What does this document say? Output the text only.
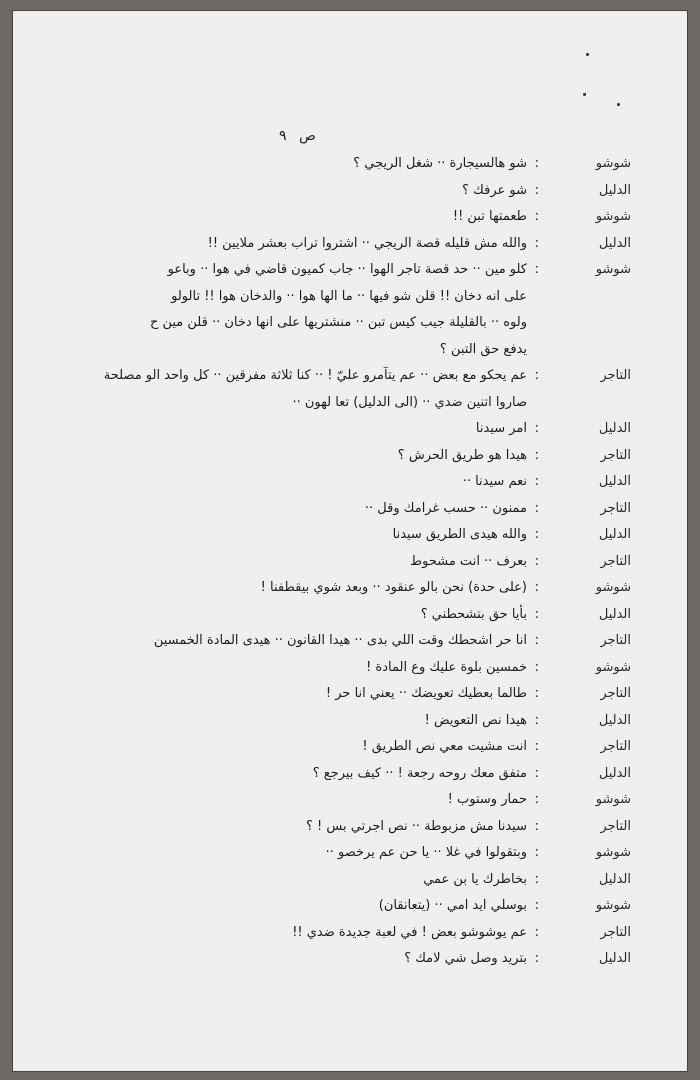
ص ٩
شوشو
:
شو هالسيجارة ·· شغل الريجي ؟
الدليل
:
شو عرفك ؟
شوشو
:
طعمتها تبن !!
الدليل
:
والله مش قليله قصة الريجي ·· اشتروا تراب بعشر ملايين !!
شوشو
:
كلو مين ·· حد قصة تاجر الهوا ·· جاب كميون قاضي في هوا ·· وباعو
على انه دخان !! قلن شو فيها ·· ما الها هوا ·· والدخان هوا !! تالولو
ولوه ·· بالقليلة جيب كيس تبن ·· منشتريها على انها دخان ·· قلن مين ح
يدفع حق التبن ؟
التاجر
:
عم يحكو مع بعض ·· عم يتآمرو عليّ ! ·· كنا ثلاثة مفرقين ·· كل واحد الو مصلحة
صاروا اتنين ضدي ·· (الى الدليل) تعا لهون ··
الدليل
:
امر سيدنا
التاجر
:
هيدا هو طريق الحرش ؟
الدليل
:
نعم سيدنا ··
التاجر
:
ممنون ·· حسب غرامك وقل ··
الدليل
:
والله هيدى الطريق سيدنا
التاجر
:
بعرف ·· انت مشحوط
شوشو
:
(على حدة) نحن بالو عنقود ·· وبعد شوي بيقطفنا !
الدليل
:
بأيا حق بتشحطني ؟
التاجر
:
انا حر اشحطك وقت اللي بدى ·· هيدا القانون ·· هيدى المادة الخمسين
شوشو
:
خمسين بلوة عليك وع المادة !
التاجر
:
طالما بعطيك تعويضك ·· يعني انا حر !
الدليل
:
هيدا نص التعويض !
التاجر
:
انت مشيت معي نص الطريق !
الدليل
:
متفق معك روحه رجعة ! ·· كيف بيرجع ؟
شوشو
:
حمار وستوب !
التاجر
:
سيدنا مش مزبوطة ·· نص اجرتي بس ! ؟
شوشو
:
وبتقولوا في غلا ·· يا حن عم يرخصو ··
الدليل
:
بخاطرك يا بن عمي
شوشو
:
بوسلي ايد امي ·· (يتعانقان)
التاجر
:
عم يوشوشو بعض ! في لعبة جديدة ضدي !!
الدليل
:
بتريد وصل شي لامك ؟
